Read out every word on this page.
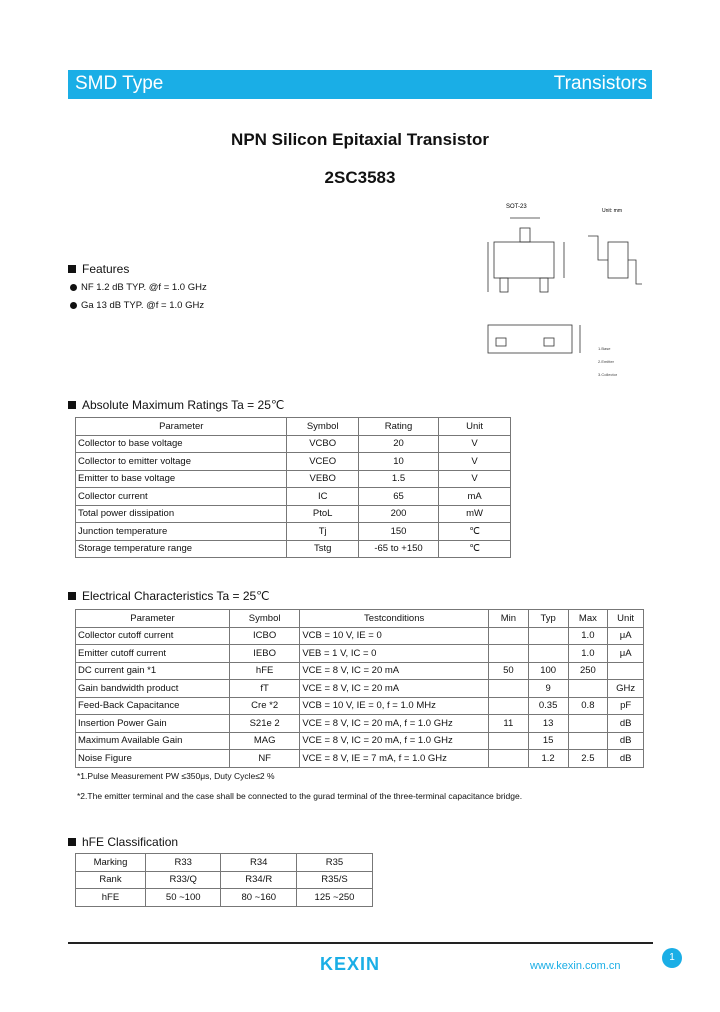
SMD Type	Transistors
NPN Silicon Epitaxial Transistor
2SC3583
SOT-23
Unit: mm
1.Base
2.Emitter
3.Collector
Features
NF 1.2 dB TYP. @f = 1.0 GHz
Ga 13 dB TYP. @f = 1.0 GHz
Absolute Maximum Ratings Ta = 25℃
Parameter	Symbol	Rating	Unit
Collector to base voltage	VCBO	20	V
Collector to emitter voltage	VCEO	10	V
Emitter to base voltage	VEBO	1.5	V
Collector current	IC	65	mA
Total power dissipation	PtoL	200	mW
Junction temperature	Tj	150	℃
Storage temperature range	Tstg	-65 to +150	℃
Electrical Characteristics Ta = 25℃
Parameter	Symbol	Testconditions	Min	Typ	Max	Unit
Collector cutoff current	ICBO	VCB = 10 V, IE = 0			1.0	μA
Emitter cutoff current	IEBO	VEB = 1 V, IC = 0			1.0	μA
DC current gain *1	hFE	VCE = 8 V, IC = 20 mA	50	100	250	
Gain bandwidth product	fT	VCE = 8 V, IC = 20 mA		9		GHz
Feed-Back Capacitance	Cre *2	VCB = 10 V, IE = 0, f = 1.0 MHz		0.35	0.8	pF
Insertion Power Gain	S21e 2	VCE = 8 V, IC = 20 mA, f = 1.0 GHz	11	13		dB
Maximum Available Gain	MAG	VCE = 8 V, IC = 20 mA, f = 1.0 GHz		15		dB
Noise Figure	NF	VCE = 8 V, IE = 7 mA, f = 1.0 GHz		1.2	2.5	dB
*1.Pulse Measurement PW ≤350μs, Duty Cycle≤2 %
*2.The emitter terminal and the case shall be connected to the gurad terminal of the three-terminal capacitance bridge.
hFE Classification
Marking	R33	R34	R35
Rank	R33/Q	R34/R	R35/S
hFE	50 ~100	80 ~160	125 ~250
KEXIN	www.kexin.com.cn
1
